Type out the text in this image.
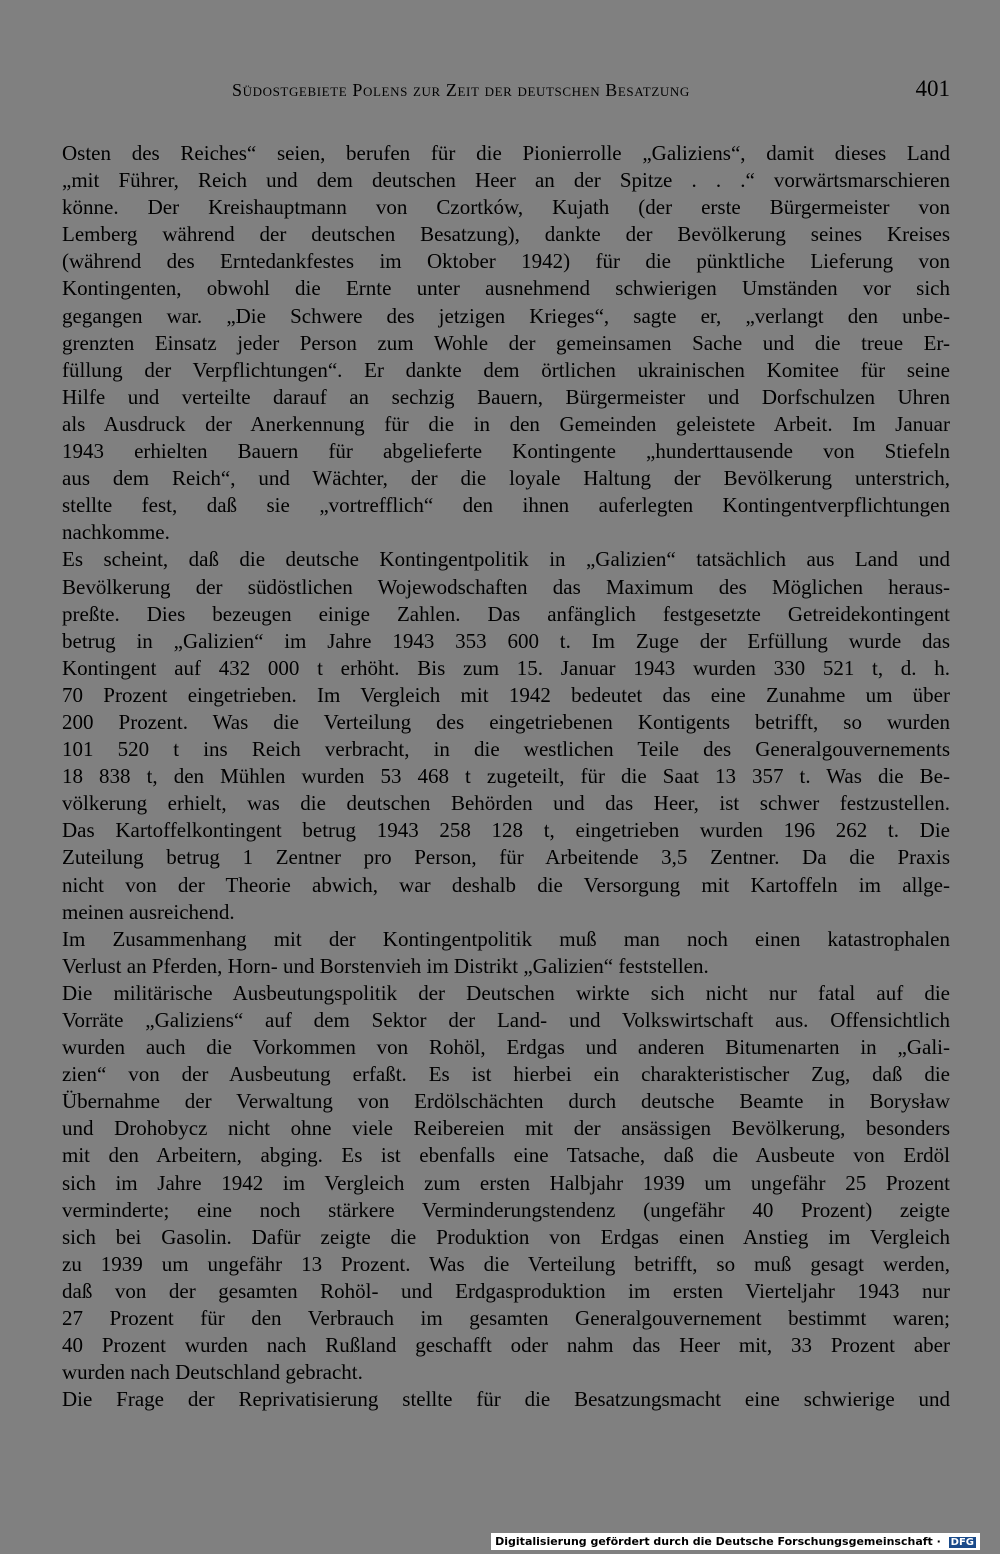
Südostgebiete Polens zur Zeit der deutschen Besatzung	401
Osten des Reiches“ seien, berufen für die Pionierrolle „Galiziens“, damit dieses Land
„mit Führer, Reich und dem deutschen Heer an der Spitze . . .“ vorwärtsmarschieren
könne. Der Kreishauptmann von Czortków, Kujath (der erste Bürgermeister von
Lemberg während der deutschen Besatzung), dankte der Bevölkerung seines Kreises
(während des Erntedankfestes im Oktober 1942) für die pünktliche Lieferung von
Kontingenten, obwohl die Ernte unter ausnehmend schwierigen Umständen vor sich
gegangen war. „Die Schwere des jetzigen Krieges“, sagte er, „verlangt den unbe-
grenzten Einsatz jeder Person zum Wohle der gemeinsamen Sache und die treue Er-
füllung der Verpflichtungen“. Er dankte dem örtlichen ukrainischen Komitee für seine
Hilfe und verteilte darauf an sechzig Bauern, Bürgermeister und Dorfschulzen Uhren
als Ausdruck der Anerkennung für die in den Gemeinden geleistete Arbeit. Im Januar
1943 erhielten Bauern für abgelieferte Kontingente „hunderttausende von Stiefeln
aus dem Reich“, und Wächter, der die loyale Haltung der Bevölkerung unterstrich,
stellte fest, daß sie „vortrefflich“ den ihnen auferlegten Kontingentverpflichtungen
nachkomme.
Es scheint, daß die deutsche Kontingentpolitik in „Galizien“ tatsächlich aus Land und
Bevölkerung der südöstlichen Wojewodschaften das Maximum des Möglichen heraus-
preßte. Dies bezeugen einige Zahlen. Das anfänglich festgesetzte Getreidekontingent
betrug in „Galizien“ im Jahre 1943 353 600 t. Im Zuge der Erfüllung wurde das
Kontingent auf 432 000 t erhöht. Bis zum 15. Januar 1943 wurden 330 521 t, d. h.
70 Prozent eingetrieben. Im Vergleich mit 1942 bedeutet das eine Zunahme um über
200 Prozent. Was die Verteilung des eingetriebenen Kontigents betrifft, so wurden
101 520 t ins Reich verbracht, in die westlichen Teile des Generalgouvernements
18 838 t, den Mühlen wurden 53 468 t zugeteilt, für die Saat 13 357 t. Was die Be-
völkerung erhielt, was die deutschen Behörden und das Heer, ist schwer festzustellen.
Das Kartoffelkontingent betrug 1943 258 128 t, eingetrieben wurden 196 262 t. Die
Zuteilung betrug 1 Zentner pro Person, für Arbeitende 3,5 Zentner. Da die Praxis
nicht von der Theorie abwich, war deshalb die Versorgung mit Kartoffeln im allge-
meinen ausreichend.
Im Zusammenhang mit der Kontingentpolitik muß man noch einen katastrophalen
Verlust an Pferden, Horn- und Borstenvieh im Distrikt „Galizien“ feststellen.
Die militärische Ausbeutungspolitik der Deutschen wirkte sich nicht nur fatal auf die
Vorräte „Galiziens“ auf dem Sektor der Land- und Volkswirtschaft aus. Offensichtlich
wurden auch die Vorkommen von Rohöl, Erdgas und anderen Bitumenarten in „Gali-
zien“ von der Ausbeutung erfaßt. Es ist hierbei ein charakteristischer Zug, daß die
Übernahme der Verwaltung von Erdölschächten durch deutsche Beamte in Borysław
und Drohobycz nicht ohne viele Reibereien mit der ansässigen Bevölkerung, besonders
mit den Arbeitern, abging. Es ist ebenfalls eine Tatsache, daß die Ausbeute von Erdöl
sich im Jahre 1942 im Vergleich zum ersten Halbjahr 1939 um ungefähr 25 Prozent
verminderte; eine noch stärkere Verminderungstendenz (ungefähr 40 Prozent) zeigte
sich bei Gasolin. Dafür zeigte die Produktion von Erdgas einen Anstieg im Vergleich
zu 1939 um ungefähr 13 Prozent. Was die Verteilung betrifft, so muß gesagt werden,
daß von der gesamten Rohöl- und Erdgasproduktion im ersten Vierteljahr 1943 nur
27 Prozent für den Verbrauch im gesamten Generalgouvernement bestimmt waren;
40 Prozent wurden nach Rußland geschafft oder nahm das Heer mit, 33 Prozent aber
wurden nach Deutschland gebracht.
Die Frage der Reprivatisierung stellte für die Besatzungsmacht eine schwierige und
Digitalisierung gefördert durch die Deutsche Forschungsgemeinschaft · DFG
